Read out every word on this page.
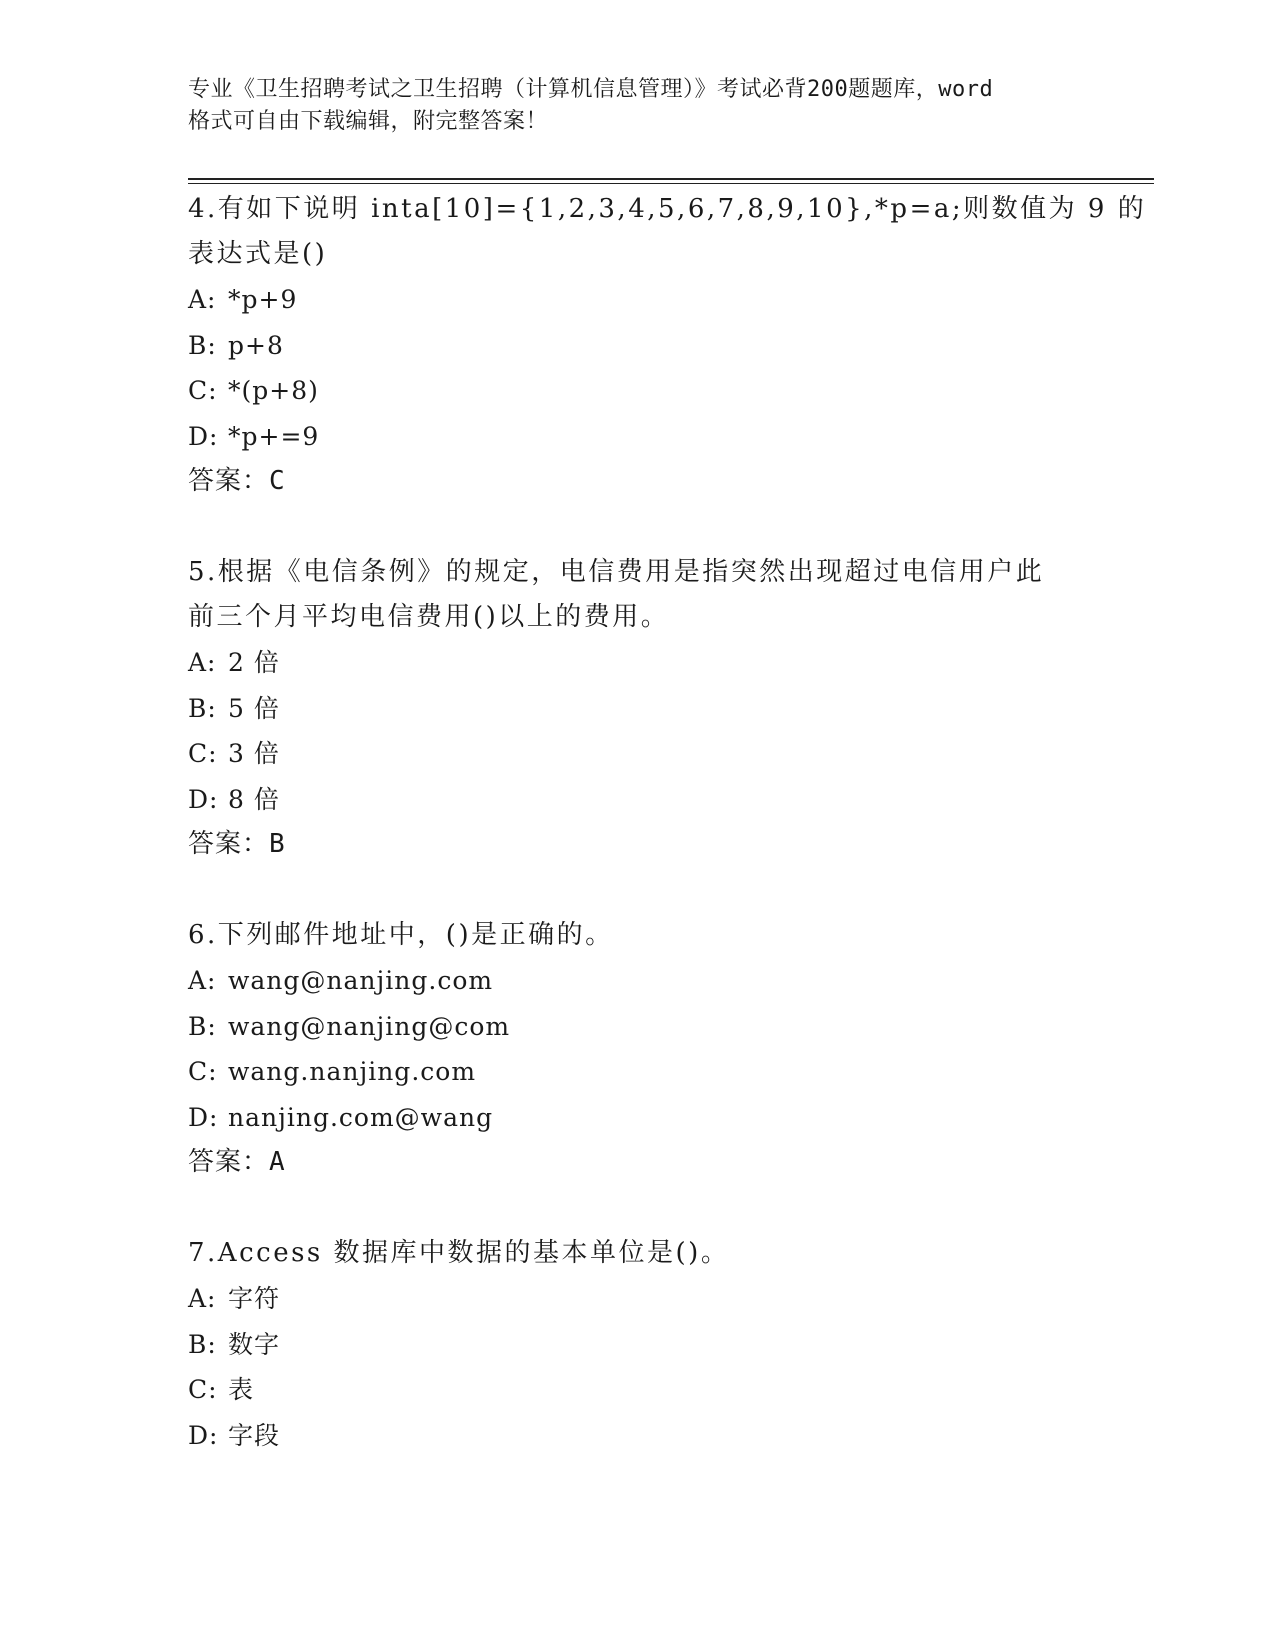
专业《卫生招聘考试之卫生招聘（计算机信息管理）》考试必背200题题库，word
格式可自由下载编辑，附完整答案！
4.有如下说明 inta[10]={1,2,3,4,5,6,7,8,9,10},*p=a;则数值为 9 的
表达式是()
A: *p+9
B: p+8
C: *(p+8)
D: *p+=9
答案：C
5.根据《电信条例》的规定，电信费用是指突然出现超过电信用户此
前三个月平均电信费用()以上的费用。
A: 2 倍
B: 5 倍
C: 3 倍
D: 8 倍
答案：B
6.下列邮件地址中，()是正确的。
A: wang@nanjing.com
B: wang@nanjing@com
C: wang.nanjing.com
D: nanjing.com@wang
答案：A
7.Access 数据库中数据的基本单位是()。
A: 字符
B: 数字
C: 表
D: 字段
